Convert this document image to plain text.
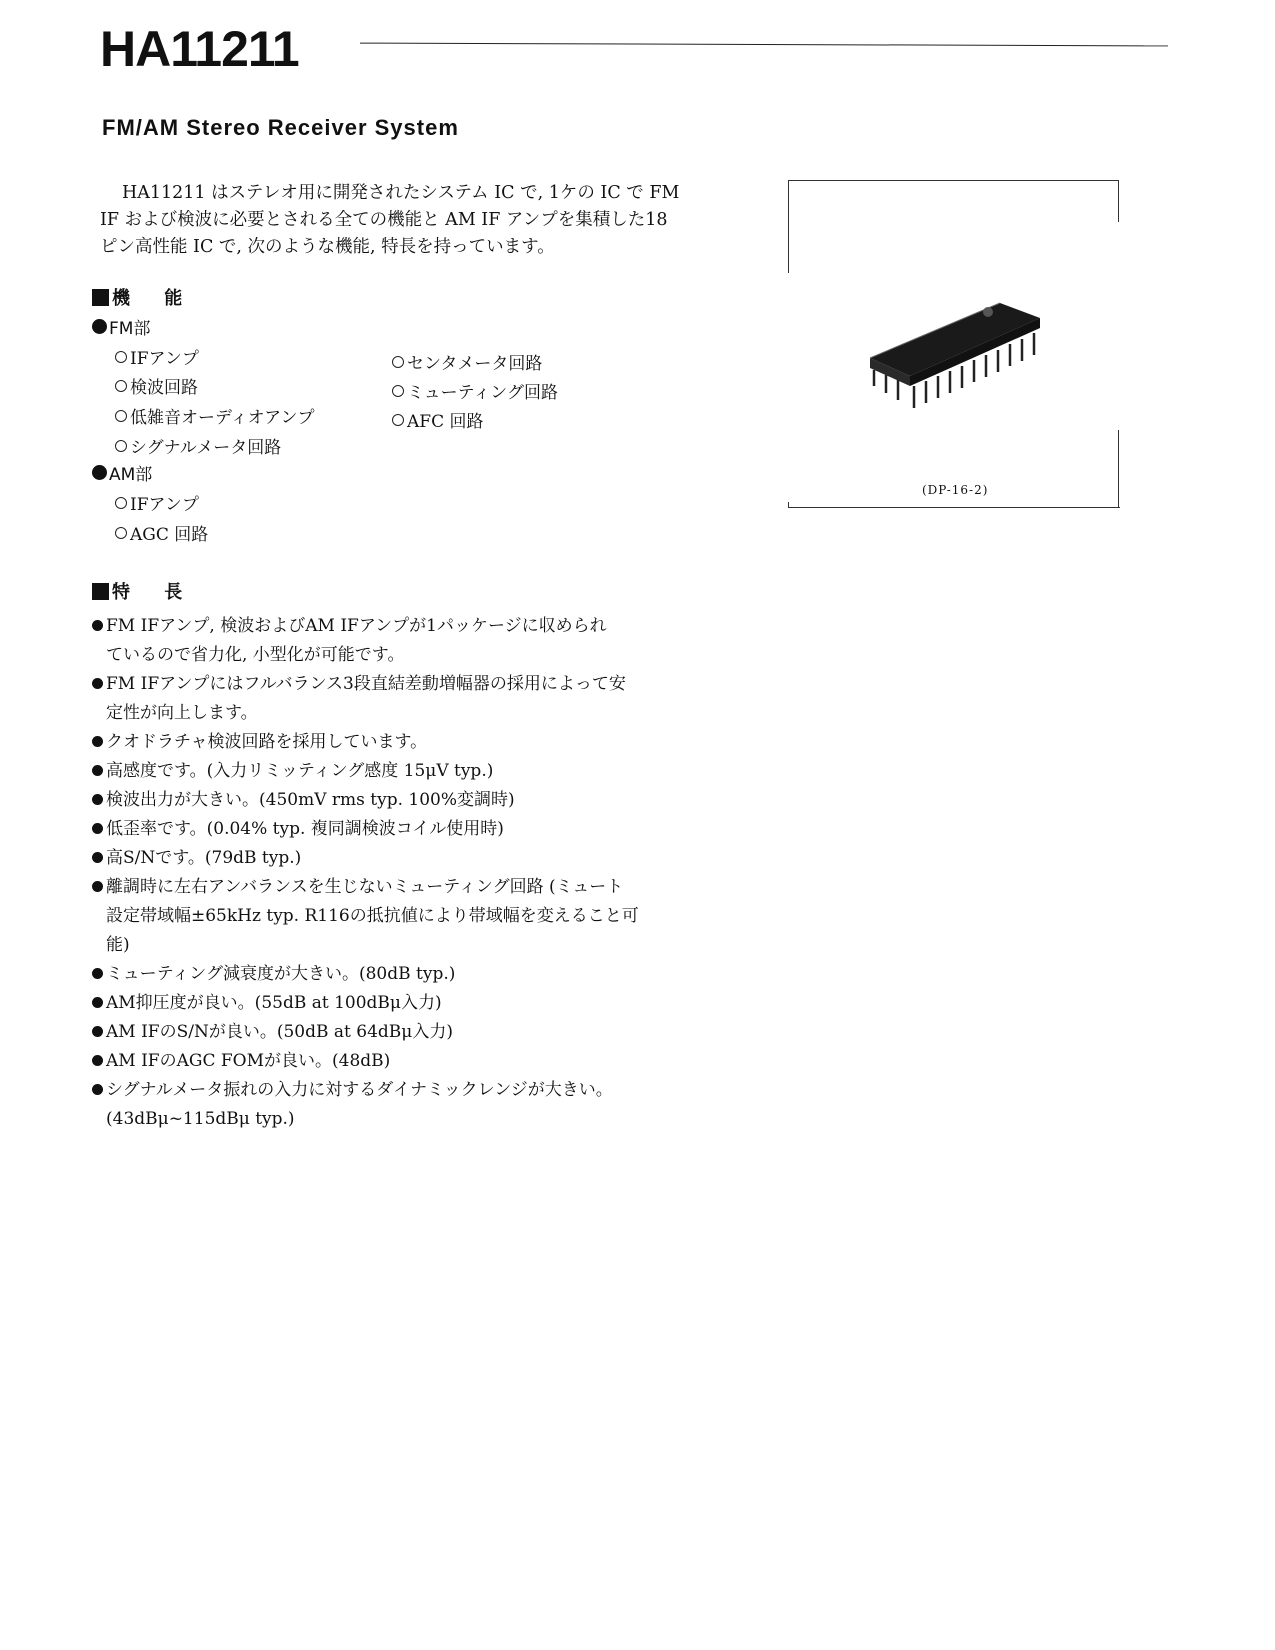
HA11211
FM/AM Stereo Receiver System
HA11211 はステレオ用に開発されたシステム IC で, 1ケの IC で FM
IF および検波に必要とされる全ての機能と AM IF アンプを集積した18
ピン高性能 IC で, 次のような機能, 特長を持っています。
機 能
FM部
IFアンプ
検波回路
低雑音オーディオアンプ
シグナルメータ回路
センタメータ回路
ミューティング回路
AFC 回路
AM部
IFアンプ
AGC 回路
特 長
FM IFアンプ, 検波およびAM IFアンプが1パッケージに収められ
ているので省力化, 小型化が可能です。
FM IFアンプにはフルバランス3段直結差動増幅器の採用によって安
定性が向上します。
クオドラチャ検波回路を採用しています。
高感度です。(入力リミッティング感度 15μV typ.)
検波出力が大きい。(450mV rms typ. 100%変調時)
低歪率です。(0.04% typ. 複同調検波コイル使用時)
高S/Nです。(79dB typ.)
離調時に左右アンバランスを生じないミューティング回路 (ミュート
設定帯域幅±65kHz typ. R116の抵抗値により帯域幅を変えること可
能)
ミューティング減衰度が大きい。(80dB typ.)
AM抑圧度が良い。(55dB at 100dBμ入力)
AM IFのS/Nが良い。(50dB at 64dBμ入力)
AM IFのAGC FOMが良い。(48dB)
シグナルメータ振れの入力に対するダイナミックレンジが大きい。
(43dBμ~115dBμ typ.)
(DP-16-2)
